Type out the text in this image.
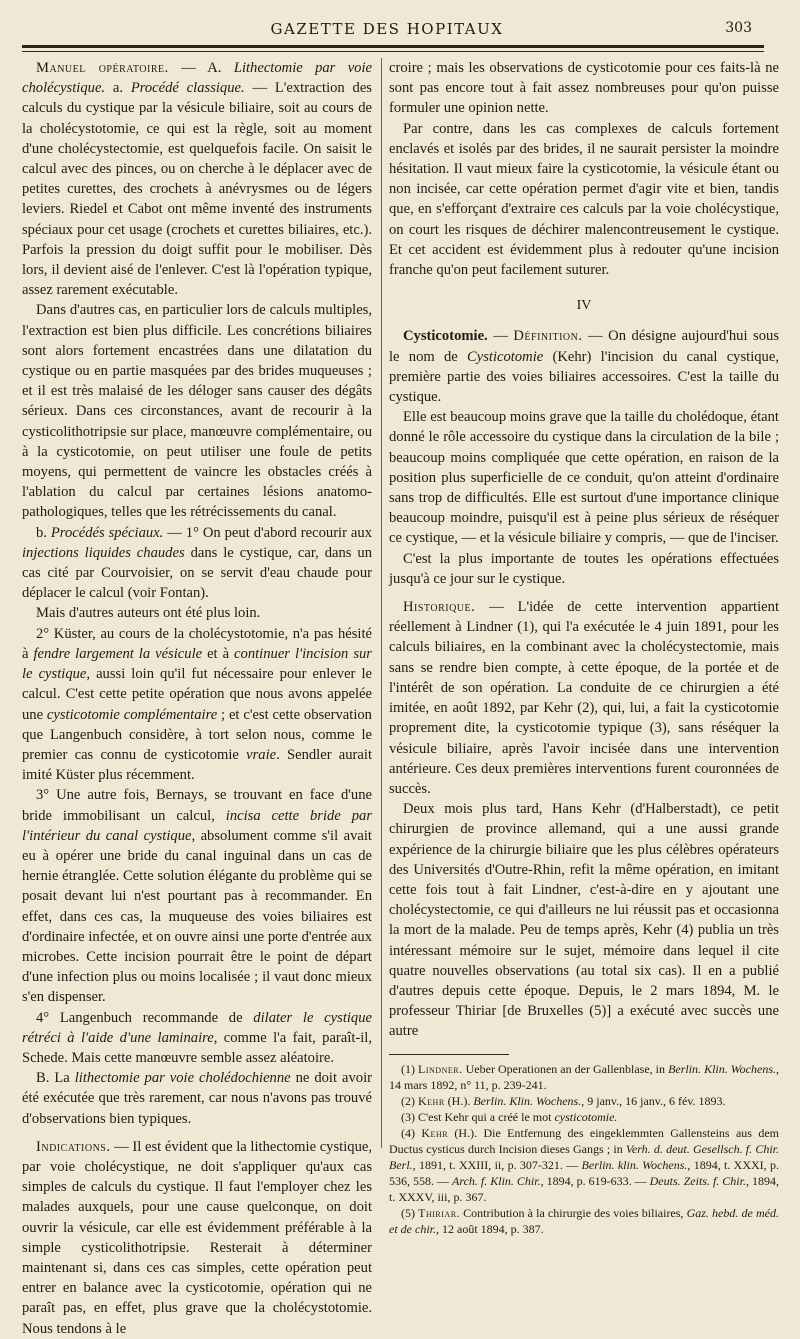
GAZETTE DES HOPITAUX	303

Manuel opératoire. — A. Lithectomie par voie cholécystique. a. Procédé classique. — L'extraction des calculs du cystique par la vésicule biliaire, soit au cours de la cholécystotomie, ce qui est la règle, soit au moment d'une cholécystectomie, est quelquefois facile. On saisit le calcul avec des pinces, ou on cherche à le déplacer avec de petites curettes, des crochets à anévrysmes ou de légers leviers. Riedel et Cabot ont même inventé des instruments spéciaux pour cet usage (crochets et curettes biliaires, etc.). Parfois la pression du doigt suffit pour le mobiliser. Dès lors, il devient aisé de l'enlever. C'est là l'opération typique, assez rarement exécutable.

Dans d'autres cas, en particulier lors de calculs multiples, l'extraction est bien plus difficile. Les concrétions biliaires sont alors fortement encastrées dans une dilatation du cystique ou en partie masquées par des brides muqueuses ; et il est très malaisé de les déloger sans causer des dégâts sérieux. Dans ces circonstances, avant de recourir à la cysticolithotripsie sur place, manœuvre complémentaire, ou à la cysticotomie, on peut utiliser une foule de petits moyens, qui permettent de vaincre les obstacles créés à l'ablation du calcul par certaines lésions anatomo-pathologiques, telles que les rétrécissements du canal.

b. Procédés spéciaux. — 1° On peut d'abord recourir aux injections liquides chaudes dans le cystique, car, dans un cas cité par Courvoisier, on se servit d'eau chaude pour déplacer le calcul (voir Fontan).

Mais d'autres auteurs ont été plus loin.

2° Küster, au cours de la cholécystotomie, n'a pas hésité à fendre largement la vésicule et à continuer l'incision sur le cystique, aussi loin qu'il fut nécessaire pour enlever le calcul. C'est cette petite opération que nous avons appelée une cysticotomie complémentaire ; et c'est cette observation que Langenbuch considère, à tort selon nous, comme le premier cas connu de cysticotomie vraie. Sendler aurait imité Küster plus récemment.

3° Une autre fois, Bernays, se trouvant en face d'une bride immobilisant un calcul, incisa cette bride par l'intérieur du canal cystique, absolument comme s'il avait eu à opérer une bride du canal inguinal dans un cas de hernie étranglée. Cette solution élégante du problème qui se posait devant lui n'est pourtant pas à recommander. En effet, dans ces cas, la muqueuse des voies biliaires est d'ordinaire infectée, et on ouvre ainsi une porte d'entrée aux microbes. Cette incision pourrait être le point de départ d'une infection plus ou moins localisée ; il vaut donc mieux s'en dispenser.

4° Langenbuch recommande de dilater le cystique rétréci à l'aide d'une laminaire, comme l'a fait, paraît-il, Schede. Mais cette manœuvre semble assez aléatoire.

B. La lithectomie par voie cholédochienne ne doit avoir été exécutée que très rarement, car nous n'avons pas trouvé d'observations bien typiques.

Indications. — Il est évident que la lithectomie cystique, par voie cholécystique, ne doit s'appliquer qu'aux cas simples de calculs du cystique. Il faut l'employer chez les malades auxquels, pour une cause quelconque, on doit ouvrir la vésicule, car elle est évidemment préférable à la simple cysticolithotripsie. Resterait à déterminer maintenant si, dans ces cas simples, cette opération peut entrer en balance avec la cysticotomie, opération qui ne paraît pas, en effet, plus grave que la cholécystotomie. Nous tendons à le

croire ; mais les observations de cysticotomie pour ces faits-là ne sont pas encore tout à fait assez nombreuses pour qu'on puisse formuler une opinion nette.

Par contre, dans les cas complexes de calculs fortement enclavés et isolés par des brides, il ne saurait persister la moindre hésitation. Il vaut mieux faire la cysticotomie, la vésicule étant ou non incisée, car cette opération permet d'agir vite et bien, tandis que, en s'efforçant d'extraire ces calculs par la voie cholécystique, on court les risques de déchirer malencontreusement le cystique. Et cet accident est évidemment plus à redouter qu'une incision franche qu'on peut facilement suturer.

IV

Cysticotomie. — Définition. — On désigne aujourd'hui sous le nom de Cysticotomie (Kehr) l'incision du canal cystique, première partie des voies biliaires accessoires. C'est la taille du cystique.

Elle est beaucoup moins grave que la taille du cholédoque, étant donné le rôle accessoire du cystique dans la circulation de la bile ; beaucoup moins compliquée que cette opération, en raison de la position plus superficielle de ce conduit, qu'on atteint d'ordinaire sans trop de difficultés. Elle est surtout d'une importance clinique beaucoup moindre, puisqu'il est à peine plus sérieux de réséquer ce cystique, — et la vésicule biliaire y compris, — que de l'inciser.

C'est la plus importante de toutes les opérations effectuées jusqu'à ce jour sur le cystique.

Historique. — L'idée de cette intervention appartient réellement à Lindner (1), qui l'a exécutée le 4 juin 1891, pour les calculs biliaires, en la combinant avec la cholécystectomie, mais sans se rendre bien compte, à cette époque, de la portée et de l'intérêt de son opération. La conduite de ce chirurgien a été imitée, en août 1892, par Kehr (2), qui, lui, a fait la cysticotomie proprement dite, la cysticotomie typique (3), sans réséquer la vésicule biliaire, après l'avoir incisée dans une intervention antérieure. Ces deux premières interventions furent couronnées de succès.

Deux mois plus tard, Hans Kehr (d'Halberstadt), ce petit chirurgien de province allemand, qui a une aussi grande expérience de la chirurgie biliaire que les plus célèbres opérateurs des Universités d'Outre-Rhin, refit la même opération, en imitant cette fois tout à fait Lindner, c'est-à-dire en y ajoutant une cholécystectomie, ce qui d'ailleurs ne lui réussit pas et occasionna la mort de la malade. Peu de temps après, Kehr (4) publia un très intéressant mémoire sur le sujet, mémoire dans lequel il cite quatre nouvelles observations (au total six cas). Il en a publié d'autres depuis cette époque. Depuis, le 2 mars 1894, M. le professeur Thiriar [de Bruxelles (5)] a exécuté avec succès une autre

(1) Lindner. Ueber Operationen an der Gallenblase, in Berlin. Klin. Wochens., 14 mars 1892, n° 11, p. 239-241.

(2) Kehr (H.). Berlin. Klin. Wochens., 9 janv., 16 janv., 6 fév. 1893.

(3) C'est Kehr qui a créé le mot cysticotomie.

(4) Kehr (H.). Die Entfernung des eingeklemmten Gallensteins aus dem Ductus cysticus durch Incision dieses Gangs ; in Verh. d. deut. Gesellsch. f. Chir. Berl., 1891, t. XXIII, ii, p. 307-321. — Berlin. klin. Wochens., 1894, t. XXXI, p. 536, 558. — Arch. f. Klin. Chir., 1894, p. 619-633. — Deuts. Zeits. f. Chir., 1894, t. XXXV, iii, p. 367.

(5) Thiriar. Contribution à la chirurgie des voies biliaires, Gaz. hebd. de méd. et de chir., 12 août 1894, p. 387.
